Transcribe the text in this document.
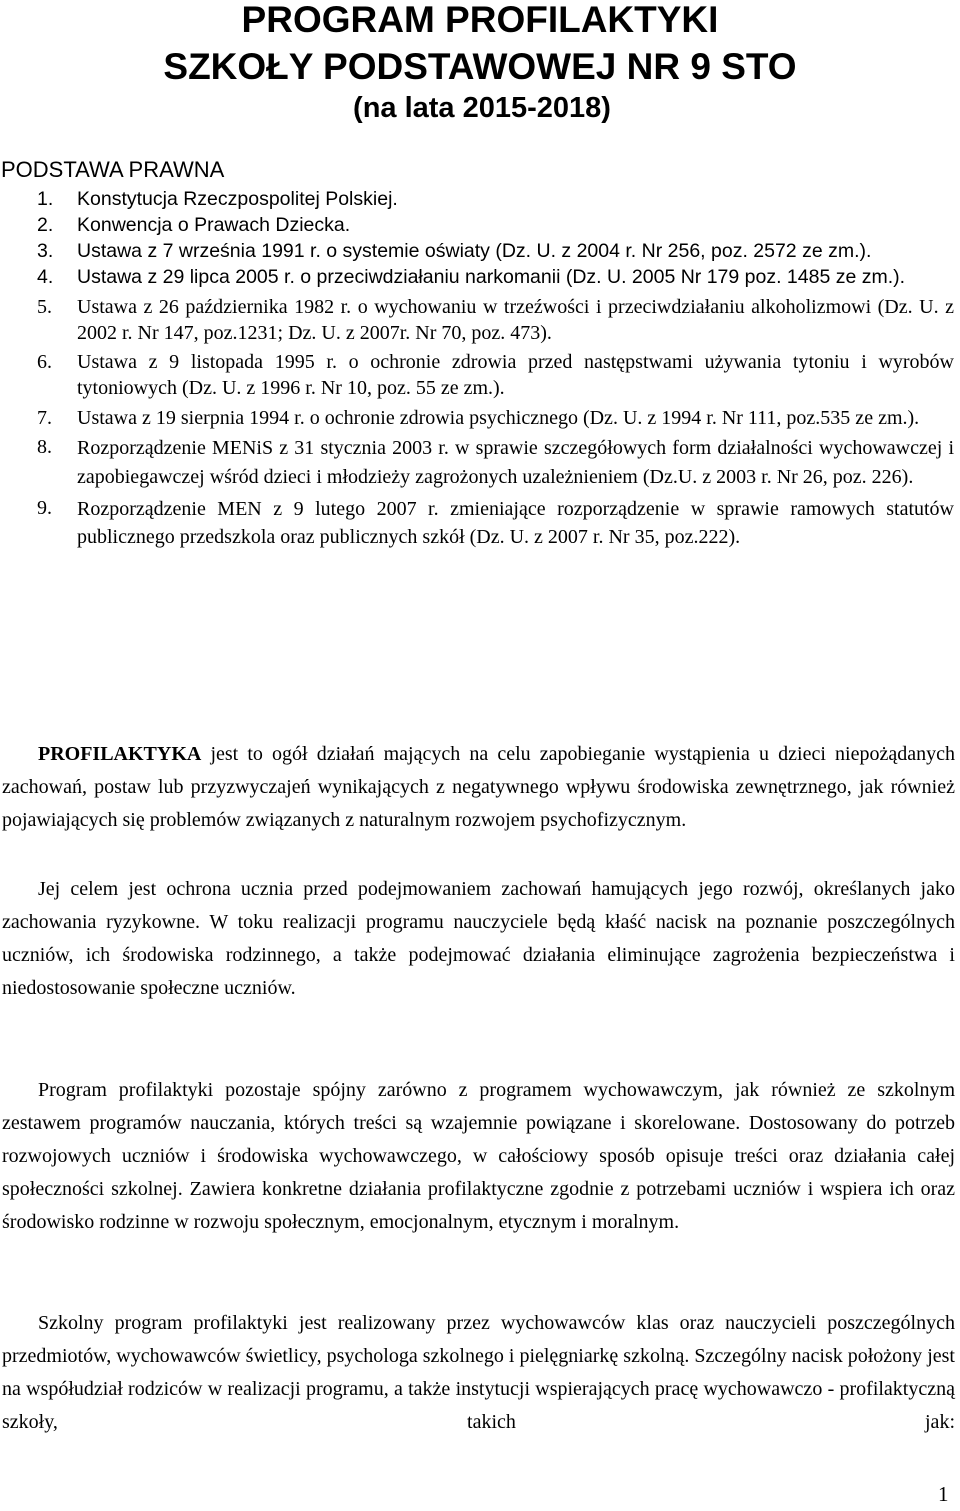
PROGRAM PROFILAKTYKI
SZKOŁY PODSTAWOWEJ NR 9 STO
(na lata 2015-2018)
PODSTAWA PRAWNA
1. Konstytucja Rzeczpospolitej Polskiej.
2. Konwencja o Prawach Dziecka.
3. Ustawa z 7 września 1991 r. o systemie oświaty (Dz. U. z 2004 r. Nr 256, poz. 2572 ze zm.).
4. Ustawa z 29 lipca 2005 r. o przeciwdziałaniu narkomanii (Dz. U. 2005 Nr 179 poz. 1485 ze zm.).
5. Ustawa z 26 października 1982 r. o wychowaniu w trzeźwości i przeciwdziałaniu alkoholizmowi (Dz. U. z 2002 r. Nr 147, poz.1231; Dz. U. z 2007r. Nr 70, poz. 473).
6. Ustawa z 9 listopada 1995 r. o ochronie zdrowia przed następstwami używania tytoniu i wyrobów tytoniowych (Dz. U. z 1996 r. Nr 10, poz. 55 ze zm.).
7. Ustawa z 19 sierpnia 1994 r. o ochronie zdrowia psychicznego (Dz. U. z 1994 r. Nr 111, poz.535 ze zm.).
8. Rozporządzenie MENiS z 31 stycznia 2003 r. w sprawie szczegółowych form działalności wychowawczej i zapobiegawczej wśród dzieci i młodzieży zagrożonych uzależnieniem (Dz.U. z 2003 r. Nr 26, poz. 226).
9. Rozporządzenie MEN z 9 lutego 2007 r. zmieniające rozporządzenie w sprawie ramowych statutów publicznego przedszkola oraz publicznych szkół (Dz. U. z 2007 r. Nr 35, poz.222).

PROFILAKTYKA jest to ogół działań mających na celu zapobieganie wystąpienia u dzieci niepożądanych zachowań, postaw lub przyzwyczajeń wynikających z negatywnego wpływu środowiska zewnętrznego, jak również pojawiających się problemów związanych z naturalnym rozwojem psychofizycznym.

Jej celem jest ochrona ucznia przed podejmowaniem zachowań hamujących jego rozwój, określanych jako zachowania ryzykowne. W toku realizacji programu nauczyciele będą kłaść nacisk na poznanie poszczególnych uczniów, ich środowiska rodzinnego, a także podejmować działania eliminujące zagrożenia bezpieczeństwa i niedostosowanie społeczne uczniów.

Program profilaktyki pozostaje spójny zarówno z programem wychowawczym, jak również ze szkolnym zestawem programów nauczania, których treści są wzajemnie powiązane i skorelowane. Dostosowany do potrzeb rozwojowych uczniów i środowiska wychowawczego, w całościowy sposób opisuje treści oraz działania całej społeczności szkolnej. Zawiera konkretne działania profilaktyczne zgodnie z potrzebami uczniów i wspiera ich oraz środowisko rodzinne w rozwoju społecznym, emocjonalnym, etycznym i moralnym.

Szkolny program profilaktyki jest realizowany przez wychowawców klas oraz nauczycieli poszczególnych przedmiotów, wychowawców świetlicy, psychologa szkolnego i pielęgniarkę szkolną. Szczególny nacisk położony jest na współudział rodziców w realizacji programu, a także instytucji wspierających pracę wychowawczo - profilaktyczną szkoły, takich jak:

1
